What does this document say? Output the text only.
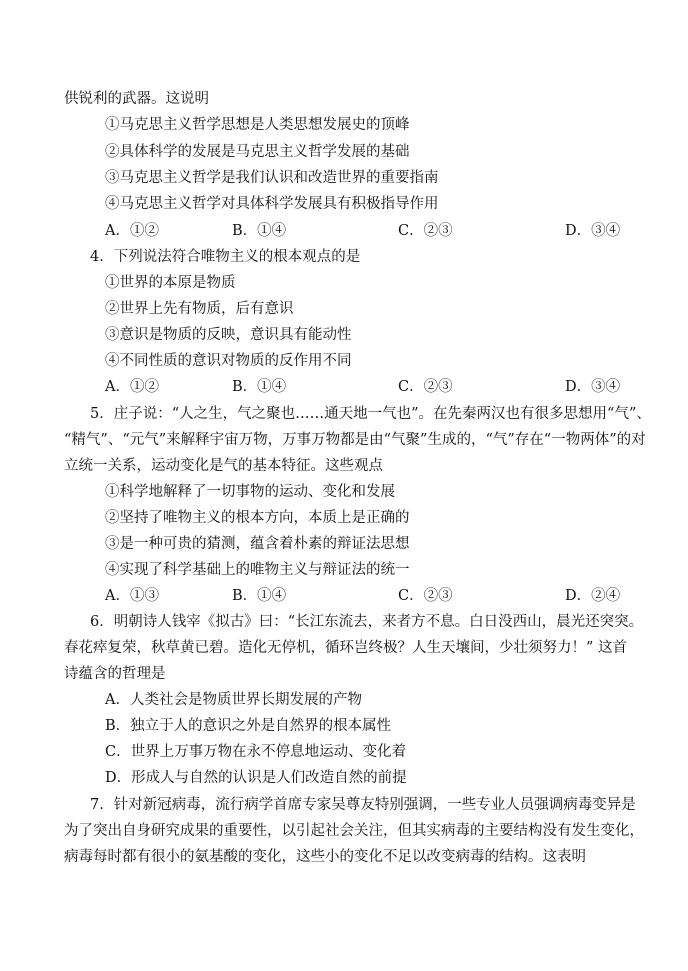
供锐利的武器。这说明
①马克思主义哲学思想是人类思想发展史的顶峰
②具体科学的发展是马克思主义哲学发展的基础
③马克思主义哲学是我们认识和改造世界的重要指南
④马克思主义哲学对具体科学发展具有积极指导作用
A．①②	B．①④	C．②③	D．③④
4．下列说法符合唯物主义的根本观点的是
①世界的本原是物质
②世界上先有物质，后有意识
③意识是物质的反映，意识具有能动性
④不同性质的意识对物质的反作用不同
A．①②	B．①④	C．②③	D．③④
5．庄子说：“人之生，气之聚也……通天地一气也”。在先秦两汉也有很多思想用“气”、
“精气”、“元气”来解释宇宙万物，万事万物都是由“气聚”生成的，“气”存在“一物两体”的对
立统一关系，运动变化是气的基本特征。这些观点
①科学地解释了一切事物的运动、变化和发展
②坚持了唯物主义的根本方向，本质上是正确的
③是一种可贵的猜测，蕴含着朴素的辩证法思想
④实现了科学基础上的唯物主义与辩证法的统一
A．①③	B．①④	C．②③	D．②④
6．明朝诗人钱宰《拟古》曰：“长江东流去，来者方不息。白日没西山，晨光还突突。
春花瘁复荣，秋草黄已碧。造化无停机，循环岂终极？人生天壤间，少壮须努力！” 这首
诗蕴含的哲理是
A．人类社会是物质世界长期发展的产物
B．独立于人的意识之外是自然界的根本属性
C．世界上万事万物在永不停息地运动、变化着
D．形成人与自然的认识是人们改造自然的前提
7．针对新冠病毒，流行病学首席专家吴尊友特别强调，一些专业人员强调病毒变异是
为了突出自身研究成果的重要性，以引起社会关注，但其实病毒的主要结构没有发生变化，
病毒每时都有很小的氨基酸的变化，这些小的变化不足以改变病毒的结构。这表明
